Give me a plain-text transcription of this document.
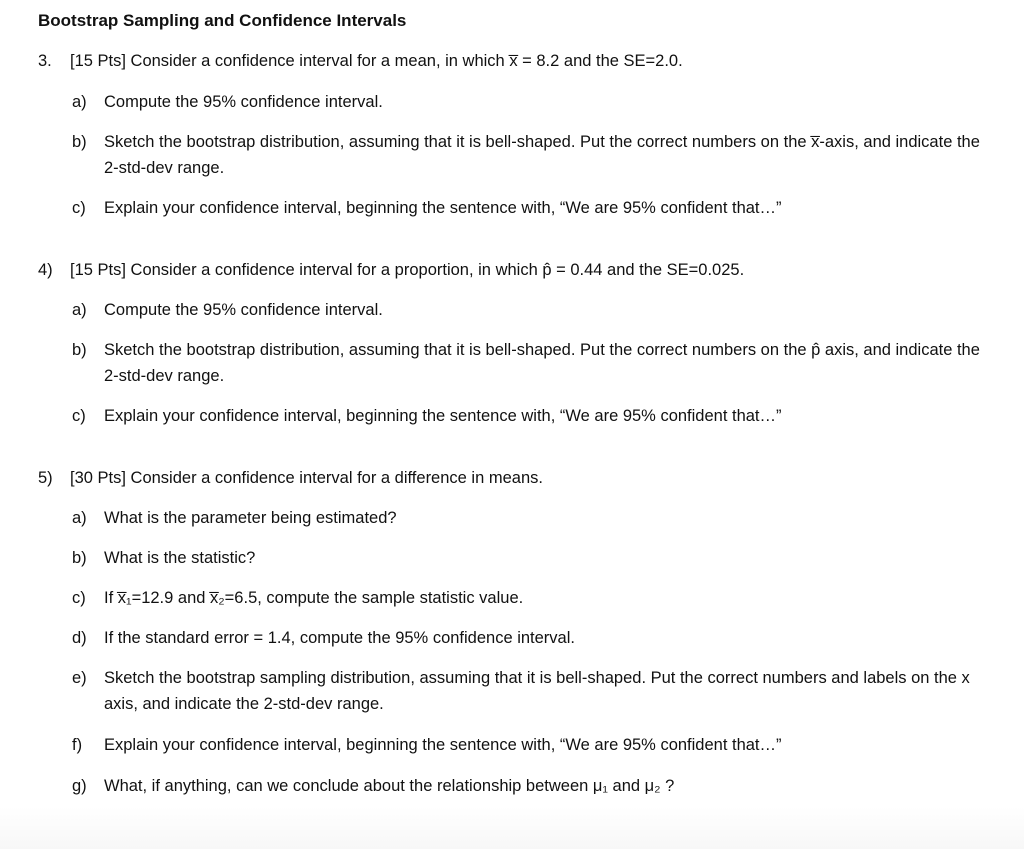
Bootstrap Sampling and Confidence Intervals
3. [15 Pts] Consider a confidence interval for a mean, in which x̅ = 8.2 and the SE=2.0.
a) Compute the 95% confidence interval.
b) Sketch the bootstrap distribution, assuming that it is bell-shaped. Put the correct numbers on the x̅-axis, and indicate the 2-std-dev range.
c) Explain your confidence interval, beginning the sentence with, “We are 95% confident that…”
4) [15 Pts] Consider a confidence interval for a proportion, in which p̂ = 0.44 and the SE=0.025.
a) Compute the 95% confidence interval.
b) Sketch the bootstrap distribution, assuming that it is bell-shaped. Put the correct numbers on the p̂ axis, and indicate the 2-std-dev range.
c) Explain your confidence interval, beginning the sentence with, “We are 95% confident that…”
5) [30 Pts] Consider a confidence interval for a difference in means.
a) What is the parameter being estimated?
b) What is the statistic?
c) If x̅₁=12.9 and x̅₂=6.5, compute the sample statistic value.
d) If the standard error = 1.4, compute the 95% confidence interval.
e) Sketch the bootstrap sampling distribution, assuming that it is bell-shaped. Put the correct numbers and labels on the x axis, and indicate the 2-std-dev range.
f) Explain your confidence interval, beginning the sentence with, “We are 95% confident that…”
g) What, if anything, can we conclude about the relationship between μ₁ and μ₂ ?
